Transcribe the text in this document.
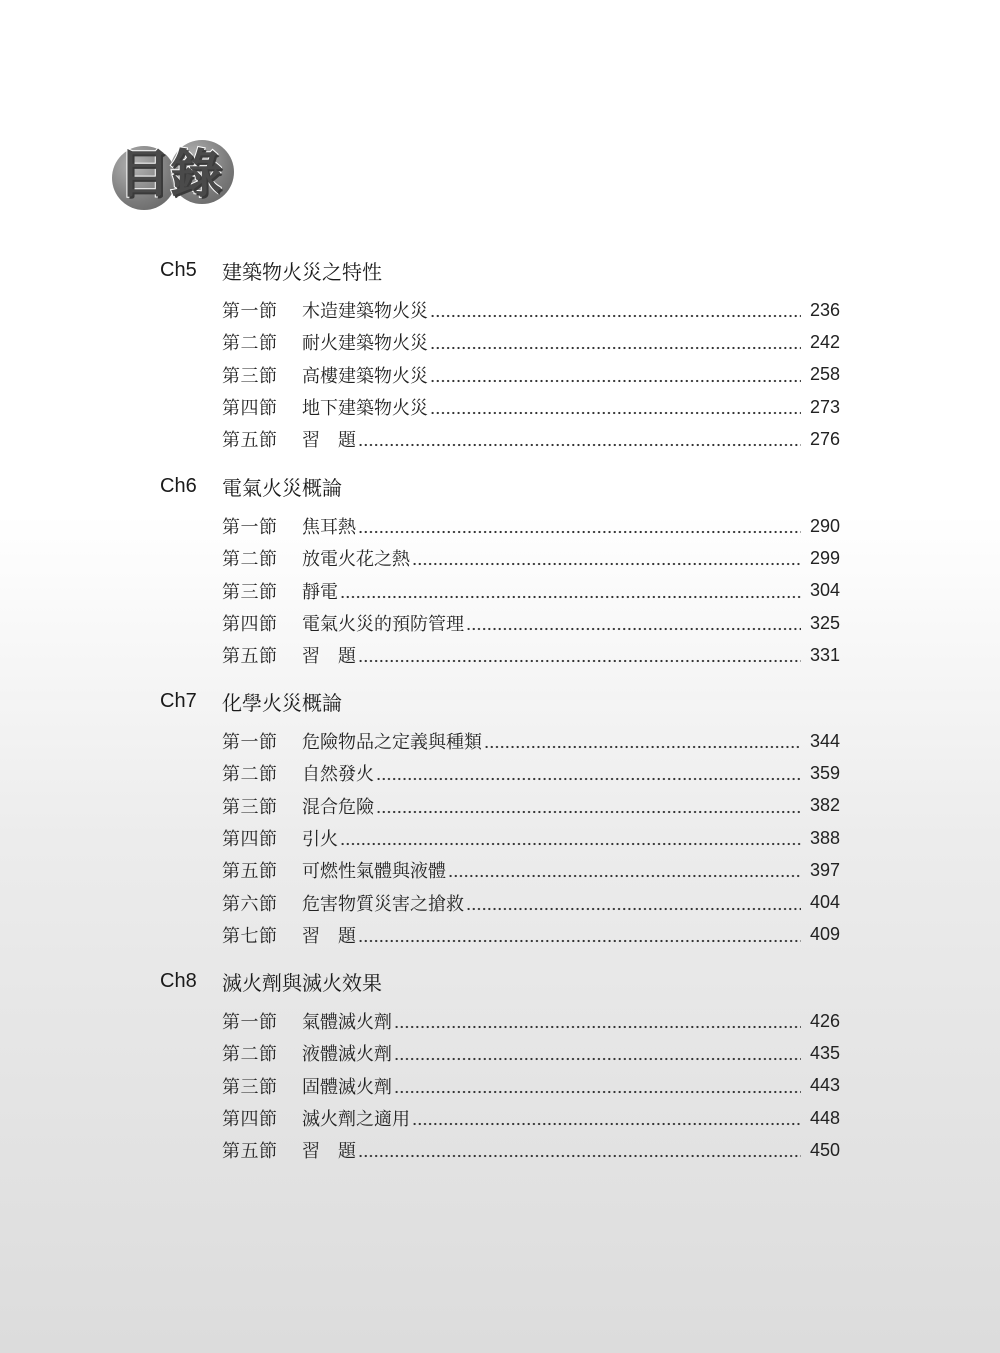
目錄
Ch5	建築物火災之特性
第一節	木造建築物火災	236
第二節	耐火建築物火災	242
第三節	高樓建築物火災	258
第四節	地下建築物火災	273
第五節	習　題	276
Ch6	電氣火災概論
第一節	焦耳熱	290
第二節	放電火花之熱	299
第三節	靜電	304
第四節	電氣火災的預防管理	325
第五節	習　題	331
Ch7	化學火災概論
第一節	危險物品之定義與種類	344
第二節	自然發火	359
第三節	混合危險	382
第四節	引火	388
第五節	可燃性氣體與液體	397
第六節	危害物質災害之搶救	404
第七節	習　題	409
Ch8	滅火劑與滅火效果
第一節	氣體滅火劑	426
第二節	液體滅火劑	435
第三節	固體滅火劑	443
第四節	滅火劑之適用	448
第五節	習　題	450
